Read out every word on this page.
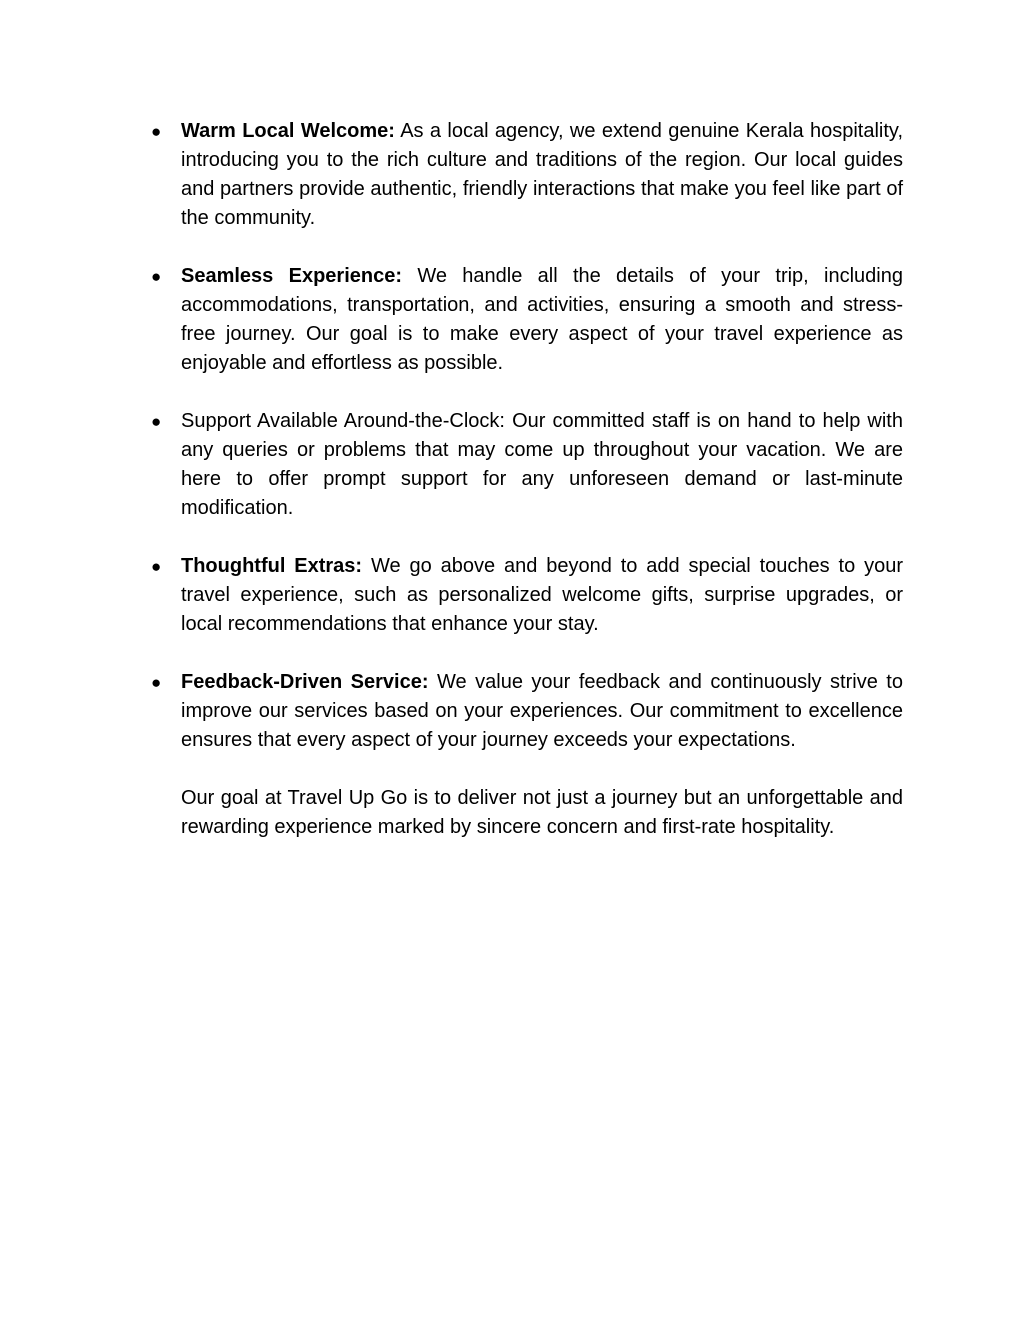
● Warm Local Welcome: As a local agency, we extend genuine Kerala hospitality, introducing you to the rich culture and traditions of the region. Our local guides and partners provide authentic, friendly interactions that make you feel like part of the community.
● Seamless Experience: We handle all the details of your trip, including accommodations, transportation, and activities, ensuring a smooth and stress-free journey. Our goal is to make every aspect of your travel experience as enjoyable and effortless as possible.
● Support Available Around-the-Clock: Our committed staff is on hand to help with any queries or problems that may come up throughout your vacation. We are here to offer prompt support for any unforeseen demand or last-minute modification.
● Thoughtful Extras: We go above and beyond to add special touches to your travel experience, such as personalized welcome gifts, surprise upgrades, or local recommendations that enhance your stay.
● Feedback-Driven Service: We value your feedback and continuously strive to improve our services based on your experiences. Our commitment to excellence ensures that every aspect of your journey exceeds your expectations.

Our goal at Travel Up Go is to deliver not just a journey but an unforgettable and rewarding experience marked by sincere concern and first-rate hospitality.
